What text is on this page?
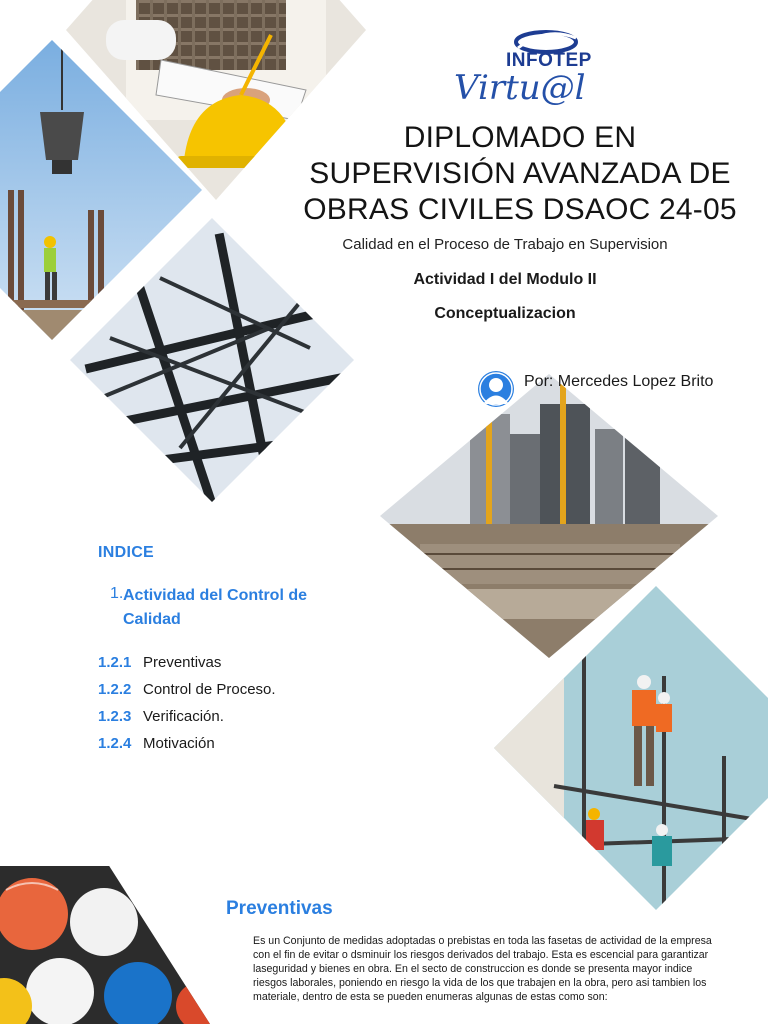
INFOTEP
Virtu@l
DIPLOMADO EN
SUPERVISIÓN AVANZADA DE
OBRAS CIVILES DSAOC 24-05
Calidad en el Proceso de Trabajo en Supervision
Actividad I del Modulo II
Conceptualizacion
Por: Mercedes Lopez Brito
INDICE
1. Actividad del Control de Calidad
1.2.1 Preventivas
1.2.2 Control de Proceso.
1.2.3 Verificación.
1.2.4 Motivación
Preventivas
Es un Conjunto de medidas adoptadas o prebistas en toda las fasetas de actividad de la empresa con el fin de evitar o dsminuir los riesgos derivados del trabajo. Esta es escencial para garantizar laseguridad y bienes en obra. En el secto de construccion es donde se presenta mayor indice riesgos laborales, poniendo en riesgo la vida de los que trabajen en la obra, pero asi tambien los materiale, dentro de esta se pueden enumeras algunas de estas como son:
